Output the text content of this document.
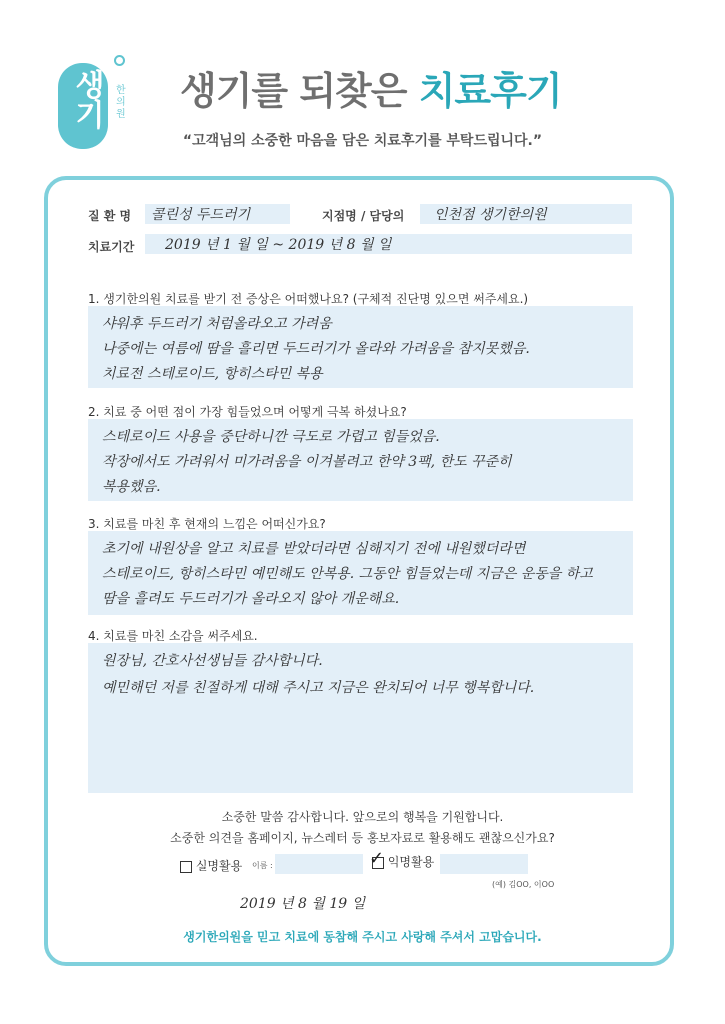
생기 한의원
생기를 되찾은 치료후기
“고객님의 소중한 마음을 담은 치료후기를 부탁드립니다.”
질 환 명	콜린성 두드러기	지점명 / 담당의	인천점 생기한의원
치료기간	2019 년 1 월 일 ~ 2019 년 8 월 일
1. 생기한의원 치료를 받기 전 증상은 어떠했나요? (구체적 진단명 있으면 써주세요.)
샤워후 두드러기 처럼올라오고 가려움
나중에는 여름에 땀을 흘리면 두드러기가 올라와 가려움을 참지못했음.
치료전 스테로이드, 항히스타민 복용
2. 치료 중 어떤 점이 가장 힘들었으며 어떻게 극복 하셨나요?
스테로이드 사용을 중단하니깐 극도로 가렵고 힘들었음.
작장에서도 가려워서 미가려움을 이겨볼려고 한약 3팩, 한도 꾸준히
복용했음.
3. 치료를 마친 후 현재의 느낌은 어떠신가요?
초기에 내원상을 알고 치료를 받았더라면 심해지기 전에 내원했더라면
스테로이드, 항히스타민 예민해도 안복용. 그동안 힘들었는데 지금은 운동을 하고
땀을 흘려도 두드러기가 올라오지 않아 개운해요.
4. 치료를 마친 소감을 써주세요.
원장님, 간호사선생님들 감사합니다.
예민해던 저를 친절하게 대해 주시고 지금은 완치되어 너무 행복합니다.
소중한 말씀 감사합니다. 앞으로의 행복을 기원합니다.
소중한 의견을 홈페이지, 뉴스레터 등 홍보자료로 활용해도 괜찮으신가요?
실명활용 이름 :	✓ 익명활용
(예) 김OO, 이OO
2019 년 8 월 19 일
생기한의원을 믿고 치료에 동참해 주시고 사랑해 주셔서 고맙습니다.
